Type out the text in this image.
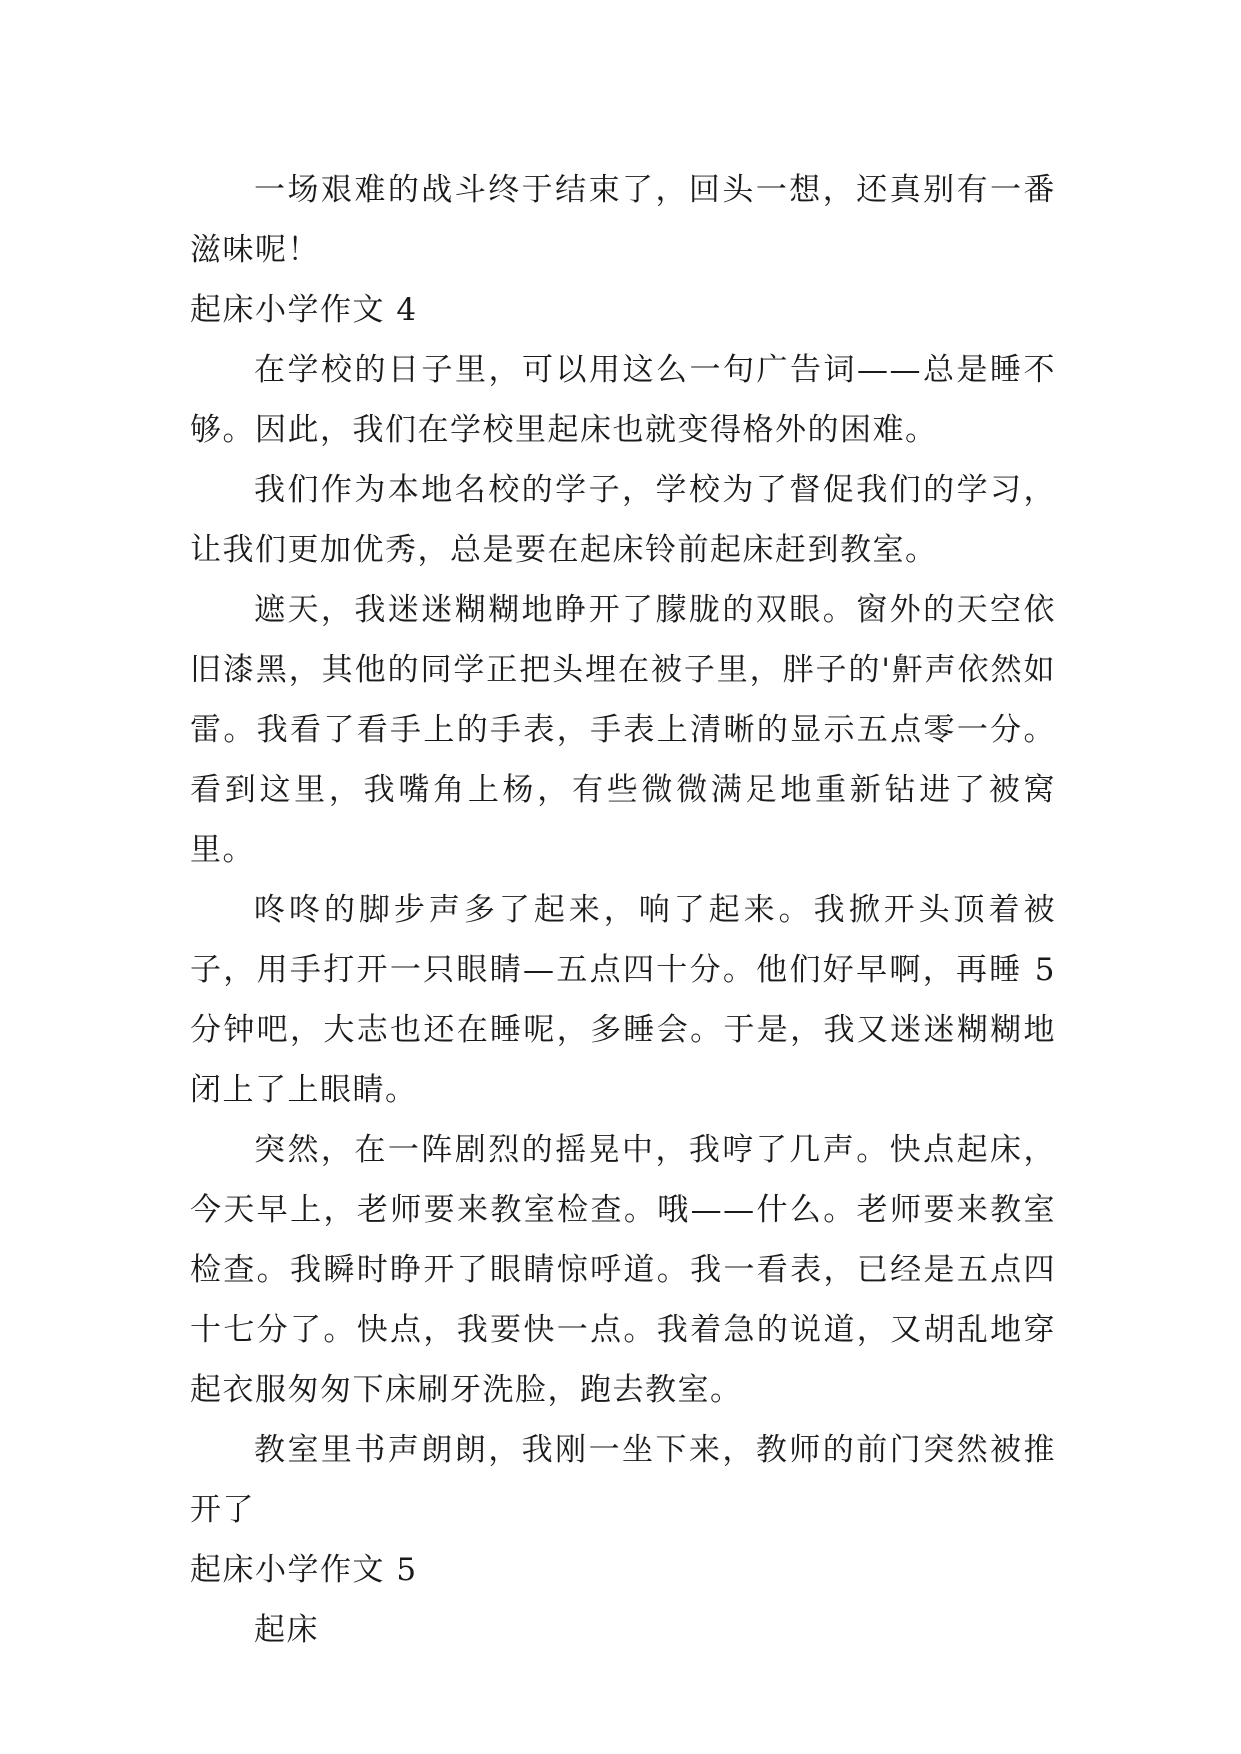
一场艰难的战斗终于结束了，回头一想，还真别有一番滋味呢！

起床小学作文 4

在学校的日子里，可以用这么一句广告词——总是睡不够。因此，我们在学校里起床也就变得格外的困难。

我们作为本地名校的学子，学校为了督促我们的学习，让我们更加优秀，总是要在起床铃前起床赶到教室。

遮天，我迷迷糊糊地睁开了朦胧的双眼。窗外的天空依旧漆黑，其他的同学正把头埋在被子里，胖子的'鼾声依然如雷。我看了看手上的手表，手表上清晰的显示五点零一分。看到这里，我嘴角上杨，有些微微满足地重新钻进了被窝里。

咚咚的脚步声多了起来，响了起来。我掀开头顶着被子，用手打开一只眼睛—五点四十分。他们好早啊，再睡 5 分钟吧，大志也还在睡呢，多睡会。于是，我又迷迷糊糊地闭上了上眼睛。

突然，在一阵剧烈的摇晃中，我哼了几声。快点起床，今天早上，老师要来教室检查。哦——什么。老师要来教室检查。我瞬时睁开了眼睛惊呼道。我一看表，已经是五点四十七分了。快点，我要快一点。我着急的说道，又胡乱地穿起衣服匆匆下床刷牙洗脸，跑去教室。

教室里书声朗朗，我刚一坐下来，教师的前门突然被推开了

起床小学作文 5

起床
